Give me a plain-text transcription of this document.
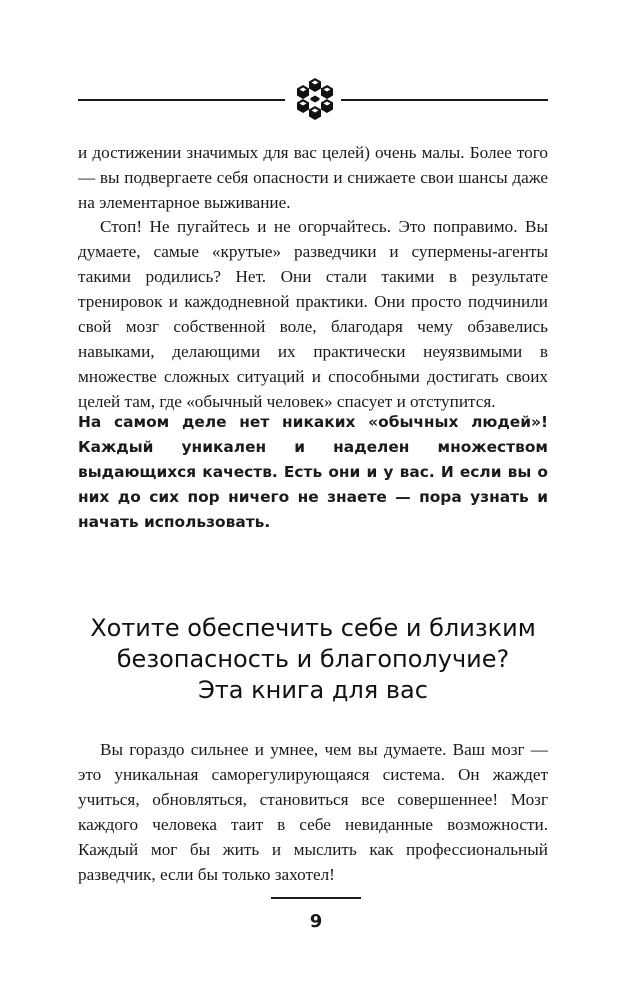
и достижении значимых для вас целей) очень малы. Более того — вы подвергаете себя опасности и снижаете свои шансы даже на элементарное выживание.

Стоп! Не пугайтесь и не огорчайтесь. Это поправимо. Вы думаете, самые «крутые» разведчики и супермены-агенты такими родились? Нет. Они стали такими в результате тренировок и каждодневной практики. Они просто подчинили свой мозг собственной воле, благодаря чему обзавелись навыками, делающими их практически неуязвимыми в множестве сложных ситуаций и способными достигать своих целей там, где «обычный человек» спасует и отступится.

На самом деле нет никаких «обычных людей»! Каждый уникален и наделен множеством выдающихся качеств. Есть они и у вас. И если вы о них до сих пор ничего не знаете — пора узнать и начать использовать.

Хотите обеспечить себе и близким
безопасность и благополучие?
Эта книга для вас

Вы гораздо сильнее и умнее, чем вы думаете. Ваш мозг — это уникальная саморегулирующаяся система. Он жаждет учиться, обновляться, становиться все совершеннее! Мозг каждого человека таит в себе невиданные возможности. Каждый мог бы жить и мыслить как профессиональный разведчик, если бы только захотел!

9
